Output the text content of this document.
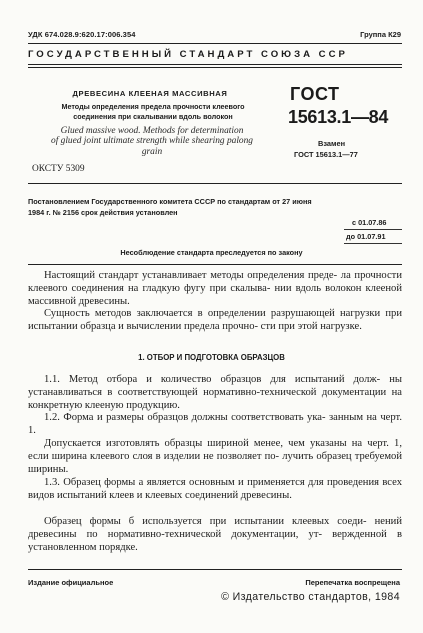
УДК 674.028.9:620.17:006.354	Группа К29
ГОСУДАРСТВЕННЫЙ СТАНДАРТ СОЮЗА ССР
ДРЕВЕСИНА КЛЕЕНАЯ МАССИВНАЯ
Методы определения предела прочности клеевого
соединения при скалывании вдоль волокон
Glued massive wood. Methods for determination
of glued joint ultimate strength while shearing palong
grain
ГОСТ
15613.1—84
Взамен
ГОСТ 15613.1—77
ОКСТУ 5309
Постановлением Государственного комитета СССР по стандартам от 27 июня
1984 г. № 2156 срок действия установлен
с 01.07.86
до 01.07.91
Несоблюдение стандарта преследуется по закону
Настоящий стандарт устанавливает методы определения преде- ла прочности клеевого соединения на гладкую фугу при скалыва- нии вдоль волокон клееной массивной древесины.
Сущность методов заключается в определении разрушающей нагрузки при испытании образца и вычислении предела прочно- сти при этой нагрузке.
1. ОТБОР И ПОДГОТОВКА ОБРАЗЦОВ
1.1. Метод отбора и количество образцов для испытаний долж- ны устанавливаться в соответствующей нормативно-технической документации на конкретную клееную продукцию.
1.2. Форма и размеры образцов должны соответствовать ука- занным на черт. 1.
Допускается изготовлять образцы шириной менее, чем указаны на черт. 1, если ширина клеевого слоя в изделии не позволяет по- лучить образец требуемой ширины.
1.3. Образец формы а является основным и применяется для проведения всех видов испытаний клеев и клеевых соединений древесины.
Образец формы б используется при испытании клеевых соеди- нений древесины по нормативно-технической документации, ут- вержденной в установленном порядке.
Издание официальное	Перепечатка воспрещена
© Издательство стандартов, 1984
